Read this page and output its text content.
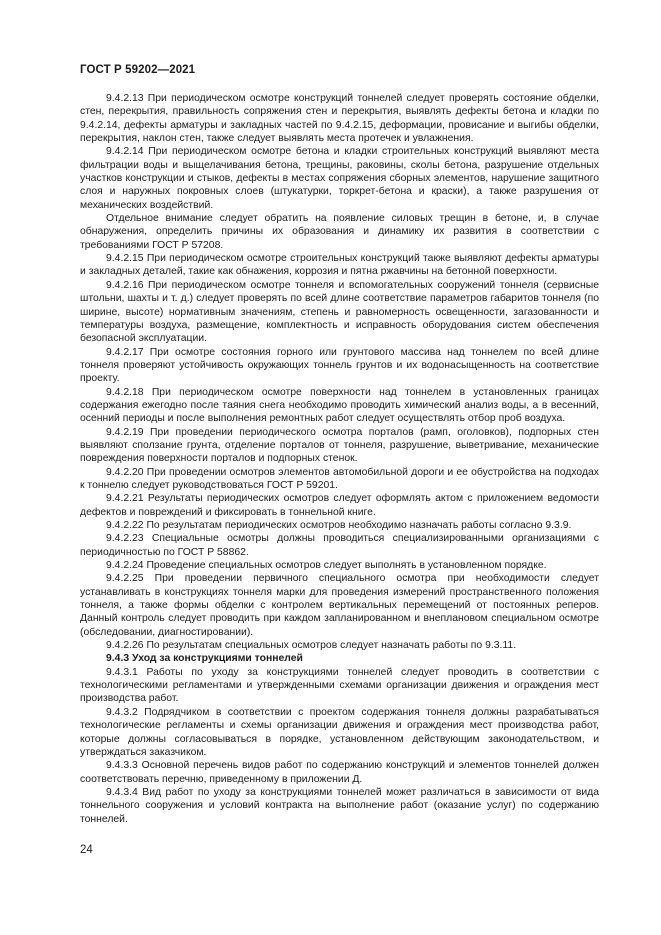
ГОСТ Р 59202—2021

9.4.2.13 При периодическом осмотре конструкций тоннелей следует проверять состояние обделки, стен, перекрытия, правильность сопряжения стен и перекрытия, выявлять дефекты бетона и кладки по 9.4.2.14, дефекты арматуры и закладных частей по 9.4.2.15, деформации, провисание и выгибы обделки, перекрытия, наклон стен, также следует выявлять места протечек и увлажнения.

9.4.2.14 При периодическом осмотре бетона и кладки строительных конструкций выявляют места фильтрации воды и выщелачивания бетона, трещины, раковины, сколы бетона, разрушение отдельных участков конструкции и стыков, дефекты в местах сопряжения сборных элементов, нарушение защитного слоя и наружных покровных слоев (штукатурки, торкрет-бетона и краски), а также разрушения от механических воздействий.

Отдельное внимание следует обратить на появление силовых трещин в бетоне, и, в случае обнаружения, определить причины их образования и динамику их развития в соответствии с требованиями ГОСТ Р 57208.

9.4.2.15 При периодическом осмотре строительных конструкций также выявляют дефекты арматуры и закладных деталей, такие как обнажения, коррозия и пятна ржавчины на бетонной поверхности.

9.4.2.16 При периодическом осмотре тоннеля и вспомогательных сооружений тоннеля (сервисные штольни, шахты и т. д.) следует проверять по всей длине соответствие параметров габаритов тоннеля (по ширине, высоте) нормативным значениям, степень и равномерность освещенности, загазованности и температуры воздуха, размещение, комплектность и исправность оборудования систем обеспечения безопасной эксплуатации.

9.4.2.17 При осмотре состояния горного или грунтового массива над тоннелем по всей длине тоннеля проверяют устойчивость окружающих тоннель грунтов и их водонасыщенность на соответствие проекту.

9.4.2.18 При периодическом осмотре поверхности над тоннелем в установленных границах содержания ежегодно после таяния снега необходимо проводить химический анализ воды, а в весенний, осенний периоды и после выполнения ремонтных работ следует осуществлять отбор проб воздуха.

9.4.2.19 При проведении периодического осмотра порталов (рамп, оголовков), подпорных стен выявляют сползание грунта, отделение порталов от тоннеля, разрушение, выветривание, механические повреждения поверхности порталов и подпорных стенок.

9.4.2.20 При проведении осмотров элементов автомобильной дороги и ее обустройства на подходах к тоннелю следует руководствоваться ГОСТ Р 59201.

9.4.2.21 Результаты периодических осмотров следует оформлять актом с приложением ведомости дефектов и повреждений и фиксировать в тоннельной книге.

9.4.2.22 По результатам периодических осмотров необходимо назначать работы согласно 9.3.9.

9.4.2.23 Специальные осмотры должны проводиться специализированными организациями с периодичностью по ГОСТ Р 58862.

9.4.2.24 Проведение специальных осмотров следует выполнять в установленном порядке.

9.4.2.25 При проведении первичного специального осмотра при необходимости следует устанавливать в конструкциях тоннеля марки для проведения измерений пространственного положения тоннеля, а также формы обделки с контролем вертикальных перемещений от постоянных реперов. Данный контроль следует проводить при каждом запланированном и внеплановом специальном осмотре (обследовании, диагностировании).

9.4.2.26 По результатам специальных осмотров следует назначать работы по 9.3.11.

9.4.3 Уход за конструкциями тоннелей

9.4.3.1 Работы по уходу за конструкциями тоннелей следует проводить в соответствии с технологическими регламентами и утвержденными схемами организации движения и ограждения мест производства работ.

9.4.3.2 Подрядчиком в соответствии с проектом содержания тоннеля должны разрабатываться технологические регламенты и схемы организации движения и ограждения мест производства работ, которые должны согласовываться в порядке, установленном действующим законодательством, и утверждаться заказчиком.

9.4.3.3 Основной перечень видов работ по содержанию конструкций и элементов тоннелей должен соответствовать перечню, приведенному в приложении Д.

9.4.3.4 Вид работ по уходу за конструкциями тоннелей может различаться в зависимости от вида тоннельного сооружения и условий контракта на выполнение работ (оказание услуг) по содержанию тоннелей.

24
